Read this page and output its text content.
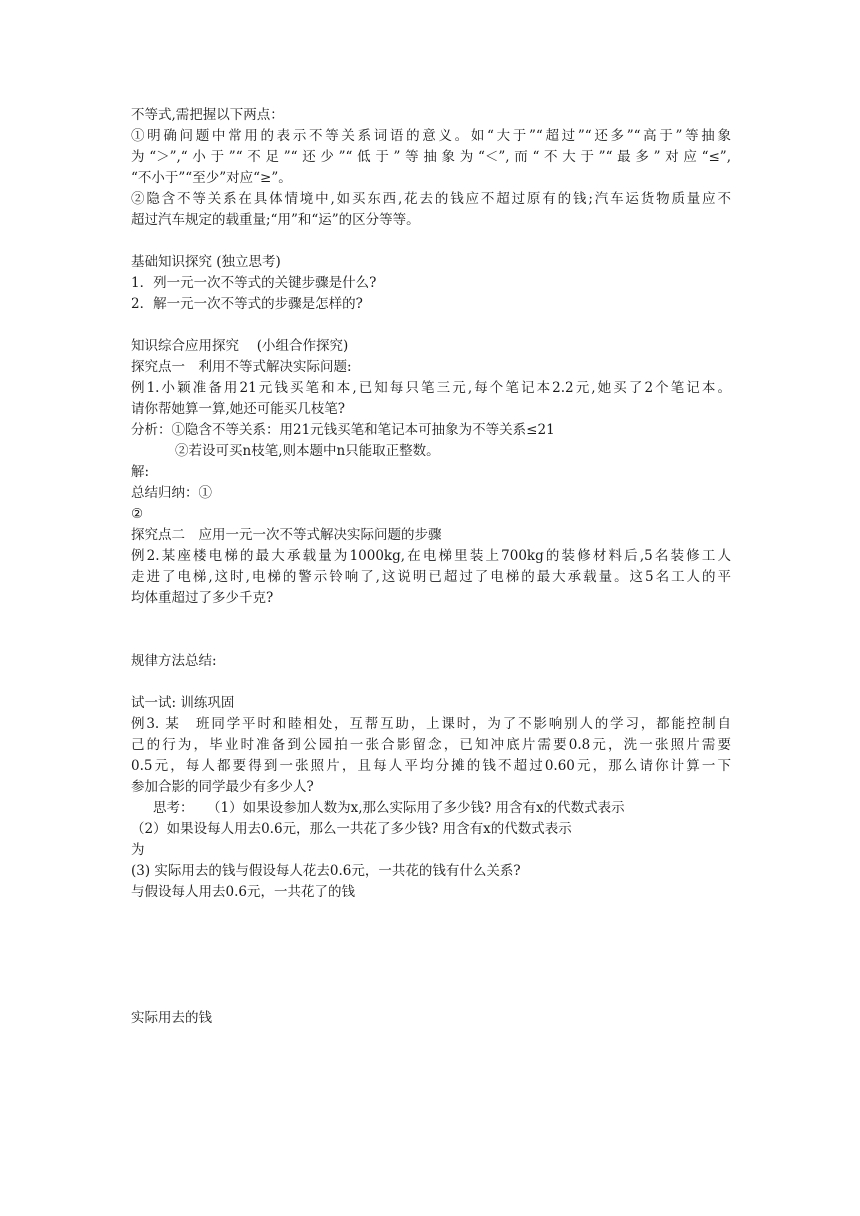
不等式,需把握以下两点：
①明确问题中常用的表示不等关系词语的意义。如“大于”“超过”“还多”“高于”等抽象
为“＞”,“小于”“不足”“还少”“低于”等抽象为“＜”,而“不大于”“最多”对应“≤”,
“不小于”“至少”对应“≥”。
②隐含不等关系在具体情境中,如买东西,花去的钱应不超过原有的钱;汽车运货物质量应不
超过汽车规定的载重量;“用”和“运”的区分等等。
基础知识探究 (独立思考)
1．列一元一次不等式的关键步骤是什么?
2．解一元一次不等式的步骤是怎样的?
知识综合应用探究　 (小组合作探究)
探究点一　利用不等式解决实际问题:
例1.小颖准备用21元钱买笔和本,已知每只笔三元,每个笔记本2.2元,她买了2个笔记本。
请你帮她算一算,她还可能买几枝笔?
分析：①隐含不等关系：用21元钱买笔和笔记本可抽象为不等关系≤21
②若设可买n枝笔,则本题中n只能取正整数。
解:
总结归纳：①
②
探究点二　应用一元一次不等式解决实际问题的步骤
例2.某座楼电梯的最大承载量为1000kg,在电梯里装上700kg的装修材料后,5名装修工人
走进了电梯,这时,电梯的警示铃响了,这说明已超过了电梯的最大承载量。这5名工人的平
均体重超过了多少千克?
规律方法总结:
试一试: 训练巩固
例3. 某　班同学平时和睦相处，互帮互助，上课时，为了不影响别人的学习，都能控制自
己的行为，毕业时准备到公园拍一张合影留念，已知冲底片需要0.8元，洗一张照片需要
0.5元，每人都要得到一张照片，且每人平均分摊的钱不超过0.60元，那么请你计算一下
参加合影的同学最少有多少人?
思考：　　（1）如果设参加人数为x,那么实际用了多少钱? 用含有x的代数式表示
（2）如果设每人用去0.6元，那么一共花了多少钱? 用含有x的代数式表示
为
(3) 实际用去的钱与假设每人花去0.6元，一共花的钱有什么关系?
与假设每人用去0.6元，一共花了的钱
实际用去的钱
